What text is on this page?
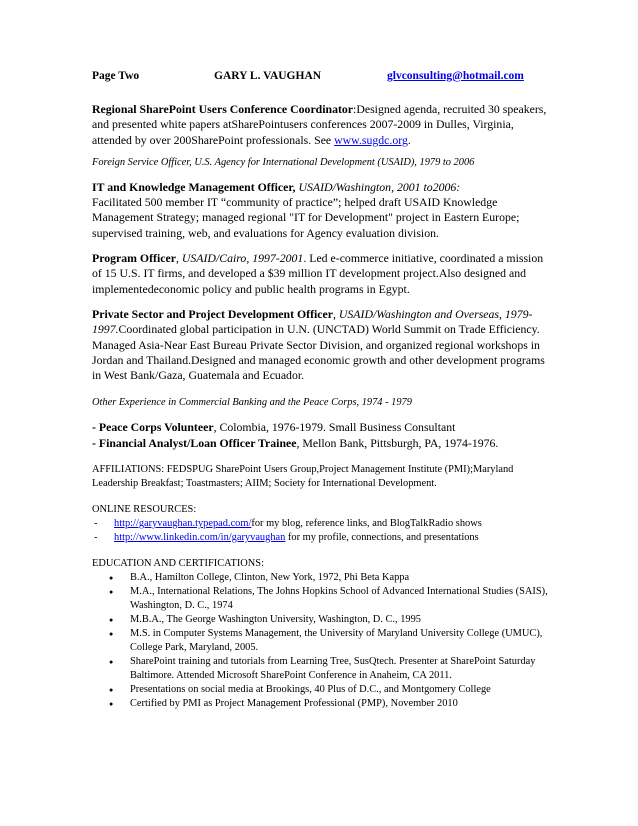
Page Two	GARY L. VAUGHAN	glvconsulting@hotmail.com

Regional SharePoint Users Conference Coordinator:Designed agenda, recruited 30 speakers, and presented white papers atSharePointusers conferences 2007-2009 in Dulles, Virginia, attended by over 200SharePoint professionals. See www.sugdc.org.

Foreign Service Officer, U.S. Agency for International Development (USAID), 1979 to 2006

IT and Knowledge Management Officer, USAID/Washington, 2001 to2006:
Facilitated 500 member IT “community of practice”; helped draft USAID Knowledge Management Strategy; managed regional "IT for Development" project in Eastern Europe; supervised training, web, and evaluations for Agency evaluation division.

Program Officer, USAID/Cairo, 1997-2001. Led e-commerce initiative, coordinated a mission of 15 U.S. IT firms, and developed a $39 million IT development project.Also designed and implementedeconomic policy and public health programs in Egypt.

Private Sector and Project Development Officer, USAID/Washington and Overseas, 1979-1997.Coordinated global participation in U.N. (UNCTAD) World Summit on Trade Efficiency. Managed Asia-Near East Bureau Private Sector Division, and organized regional workshops in Jordan and Thailand.Designed and managed economic growth and other development programs in West Bank/Gaza, Guatemala and Ecuador.

Other Experience in Commercial Banking and the Peace Corps, 1974 - 1979

- Peace Corps Volunteer, Colombia, 1976-1979. Small Business Consultant
- Financial Analyst/Loan Officer Trainee, Mellon Bank, Pittsburgh, PA, 1974-1976.

AFFILIATIONS: FEDSPUG SharePoint Users Group,Project Management Institute (PMI);Maryland Leadership Breakfast; Toastmasters; AIIM; Society for International Development.

ONLINE RESOURCES:
- http://garyvaughan.typepad.com/for my blog, reference links, and BlogTalkRadio shows
- http://www.linkedin.com/in/garyvaughan for my profile, connections, and presentations
EDUCATION AND CERTIFICATIONS:
● B.A., Hamilton College, Clinton, New York, 1972, Phi Beta Kappa
● M.A., International Relations, The Johns Hopkins School of Advanced International Studies (SAIS), Washington, D. C., 1974
● M.B.A., The George Washington University, Washington, D. C., 1995
● M.S. in Computer Systems Management, the University of Maryland University College (UMUC), College Park, Maryland, 2005.
● SharePoint training and tutorials from Learning Tree, SusQtech. Presenter at SharePoint Saturday Baltimore. Attended Microsoft SharePoint Conference in Anaheim, CA 2011.
● Presentations on social media at Brookings, 40 Plus of D.C., and Montgomery College
● Certified by PMI as Project Management Professional (PMP), November 2010
